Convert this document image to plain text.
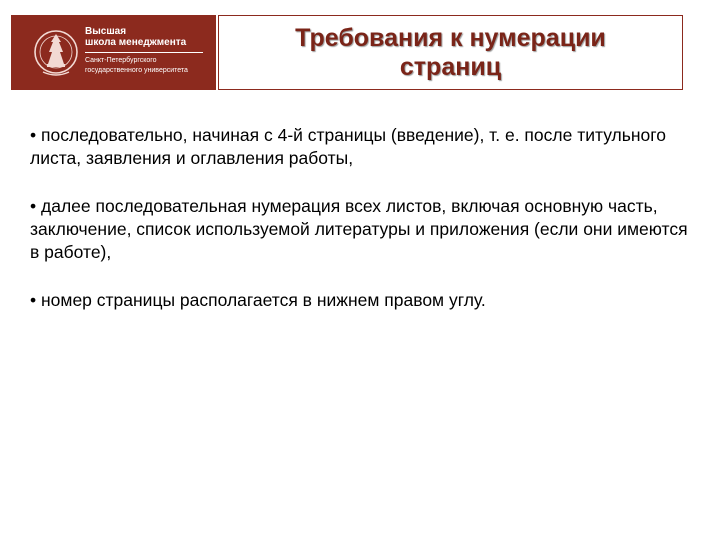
Высшая
школа менеджмента
Санкт-Петербургского
государственного университета
Требования к нумерации страниц

• последовательно, начиная с 4-й страницы (введение), т. е. после титульного листа, заявления и оглавления работы,

• далее последовательная нумерация всех листов, включая основную часть, заключение, список используемой литературы и приложения (если они имеются в работе),

• номер страницы располагается в нижнем правом углу.
